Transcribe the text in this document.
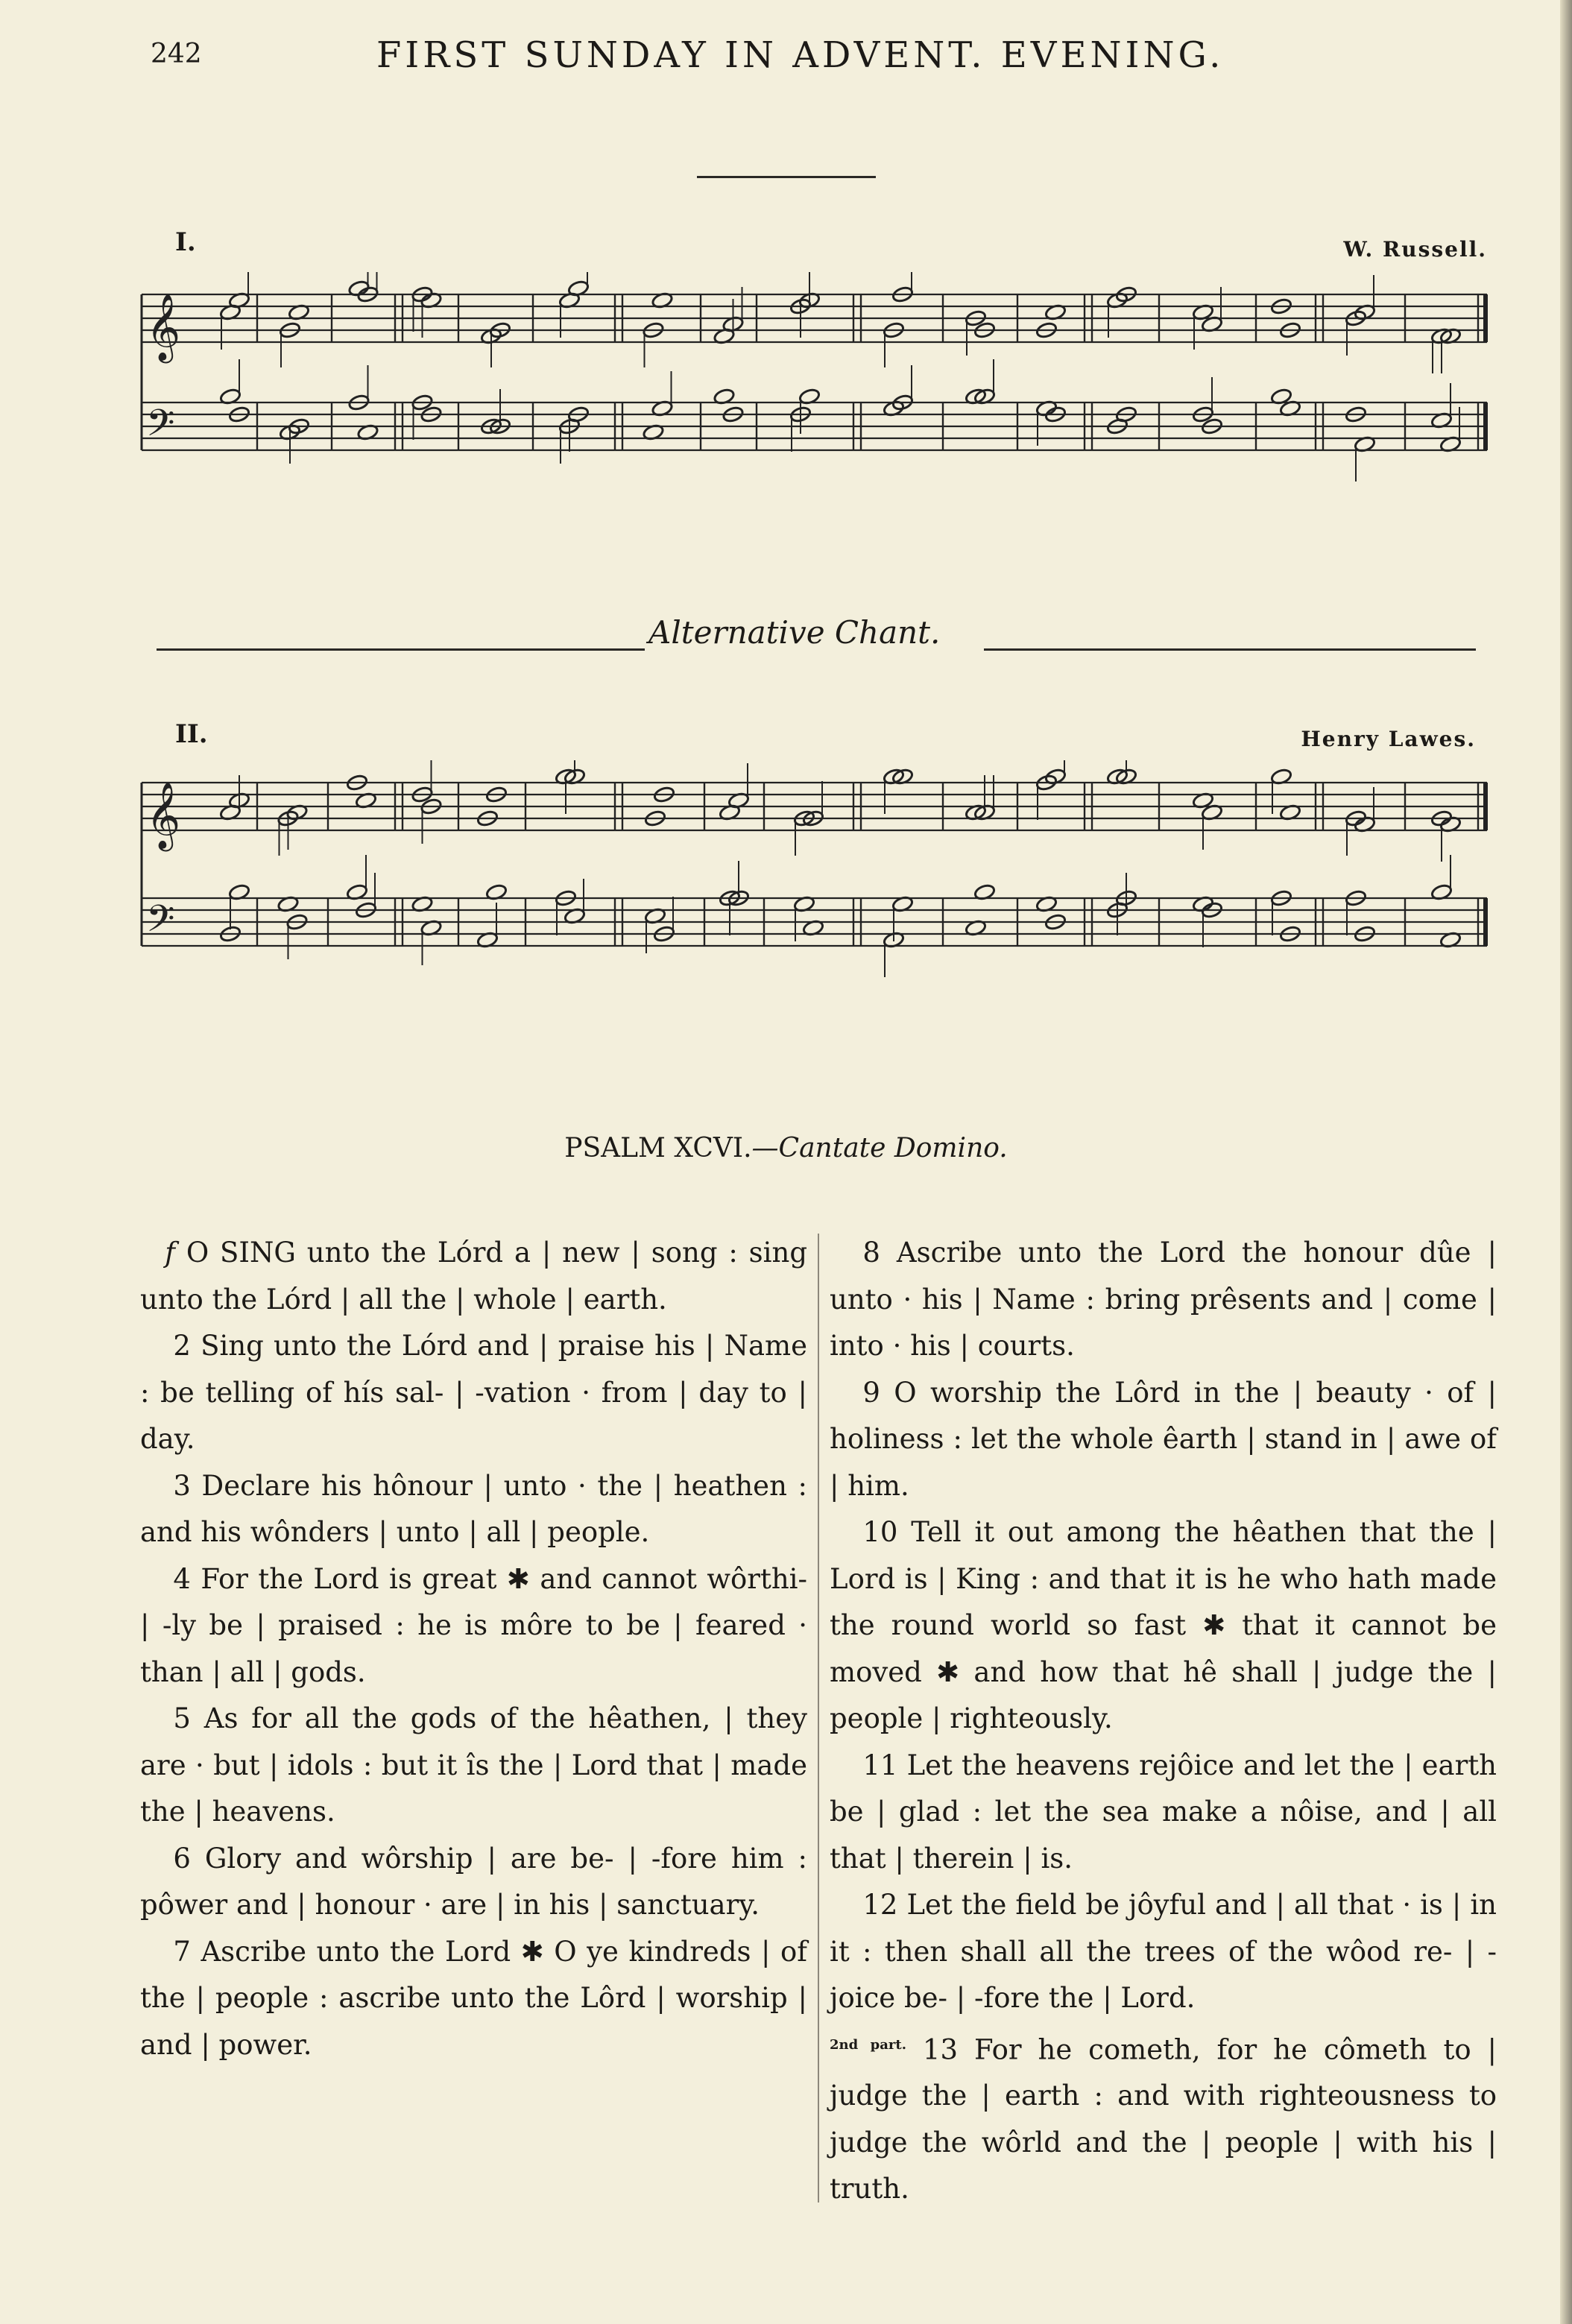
242	FIRST SUNDAY IN ADVENT. EVENING.
I.	W. Russell.
𝄞
𝄢
Alternative Chant.
II.	Henry Lawes.
𝄞
𝄢
PSALM XCVI.—Cantate Domino.

f O SING unto the Lórd a | new | song : sing unto the Lórd | all the | whole | earth.

2 Sing unto the Lórd and | praise his | Name : be telling of hís sal- | -vation · from | day to | day.

3 Declare his hônour | unto · the | heathen : and his wônders | unto | all | people.

4 For the Lord is great ✱ and cannot wôrthi- | -ly be | praised : he is môre to be | feared · than | all | gods.

5 As for all the gods of the hêathen, | they are · but | idols : but it îs the | Lord that | made the | heavens.

6 Glory and wôrship | are be- | -fore him : pôwer and | honour · are | in his | sanctuary.

7 Ascribe unto the Lord ✱ O ye kindreds | of the | people : ascribe unto the Lôrd | worship | and | power.

8 Ascribe unto the Lord the honour dûe | unto · his | Name : bring prêsents and | come | into · his | courts.

9 O worship the Lôrd in the | beauty · of | holiness : let the whole êarth | stand in | awe of | him.

10 Tell it out among the hêathen that the | Lord is | King : and that it is he who hath made the round world so fast ✱ that it cannot be moved ✱ and how that hê shall | judge the | people | righteously.

11 Let the heavens rejôice and let the | earth be | glad : let the sea make a nôise, and | all that | therein | is.

12 Let the field be jôyful and | all that · is | in it : then shall all the trees of the wôod re- | -joice be- | -fore the | Lord.

$^{2nd part.}$ 13 For he cometh, for he cômeth to | judge the | earth : and with righteousness to judge the wôrld and the | people | with his | truth.
